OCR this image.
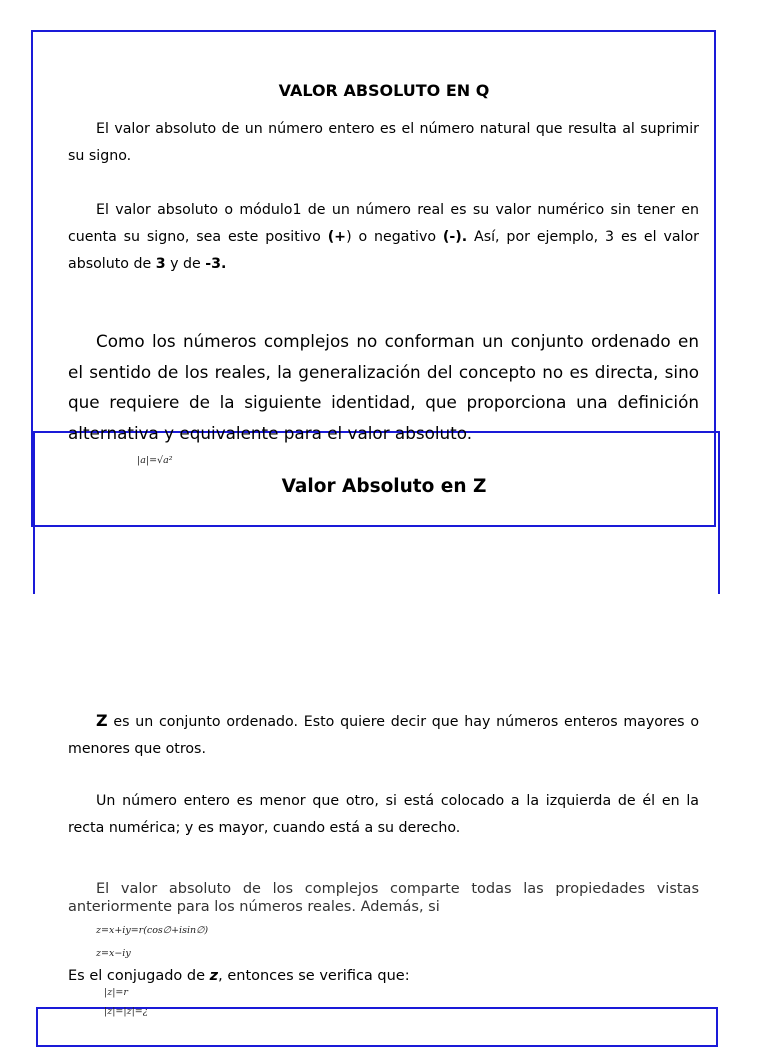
VALOR ABSOLUTO EN Q

El valor absoluto de un número entero es el número natural que resulta al suprimir su signo.

El valor absoluto o módulo1 de un número real es su valor numérico sin tener en cuenta su signo, sea este positivo (+) o negativo (-). Así, por ejemplo, 3 es el valor absoluto de 3 y de -3.

Como los números complejos no conforman un conjunto ordenado en el sentido de los reales, la generalización del concepto no es directa, sino que requiere de la siguiente identidad, que proporciona una definición alternativa y equivalente para el valor absoluto.

|a|=√a²
Valor Absoluto en Z

Z es un conjunto ordenado. Esto quiere decir que hay números enteros mayores o menores que otros.

Un número entero es menor que otro, si está colocado a la izquierda de él en la recta numérica; y es mayor, cuando está a su derecho.

El valor absoluto de los complejos comparte todas las propiedades vistas anteriormente para los números reales. Además, si

z=x+iy=r(cos∅+isin∅)
z=x−iy

Es el conjugado de z, entonces se verifica que:

|z|=r
|z|=|z|=¿
